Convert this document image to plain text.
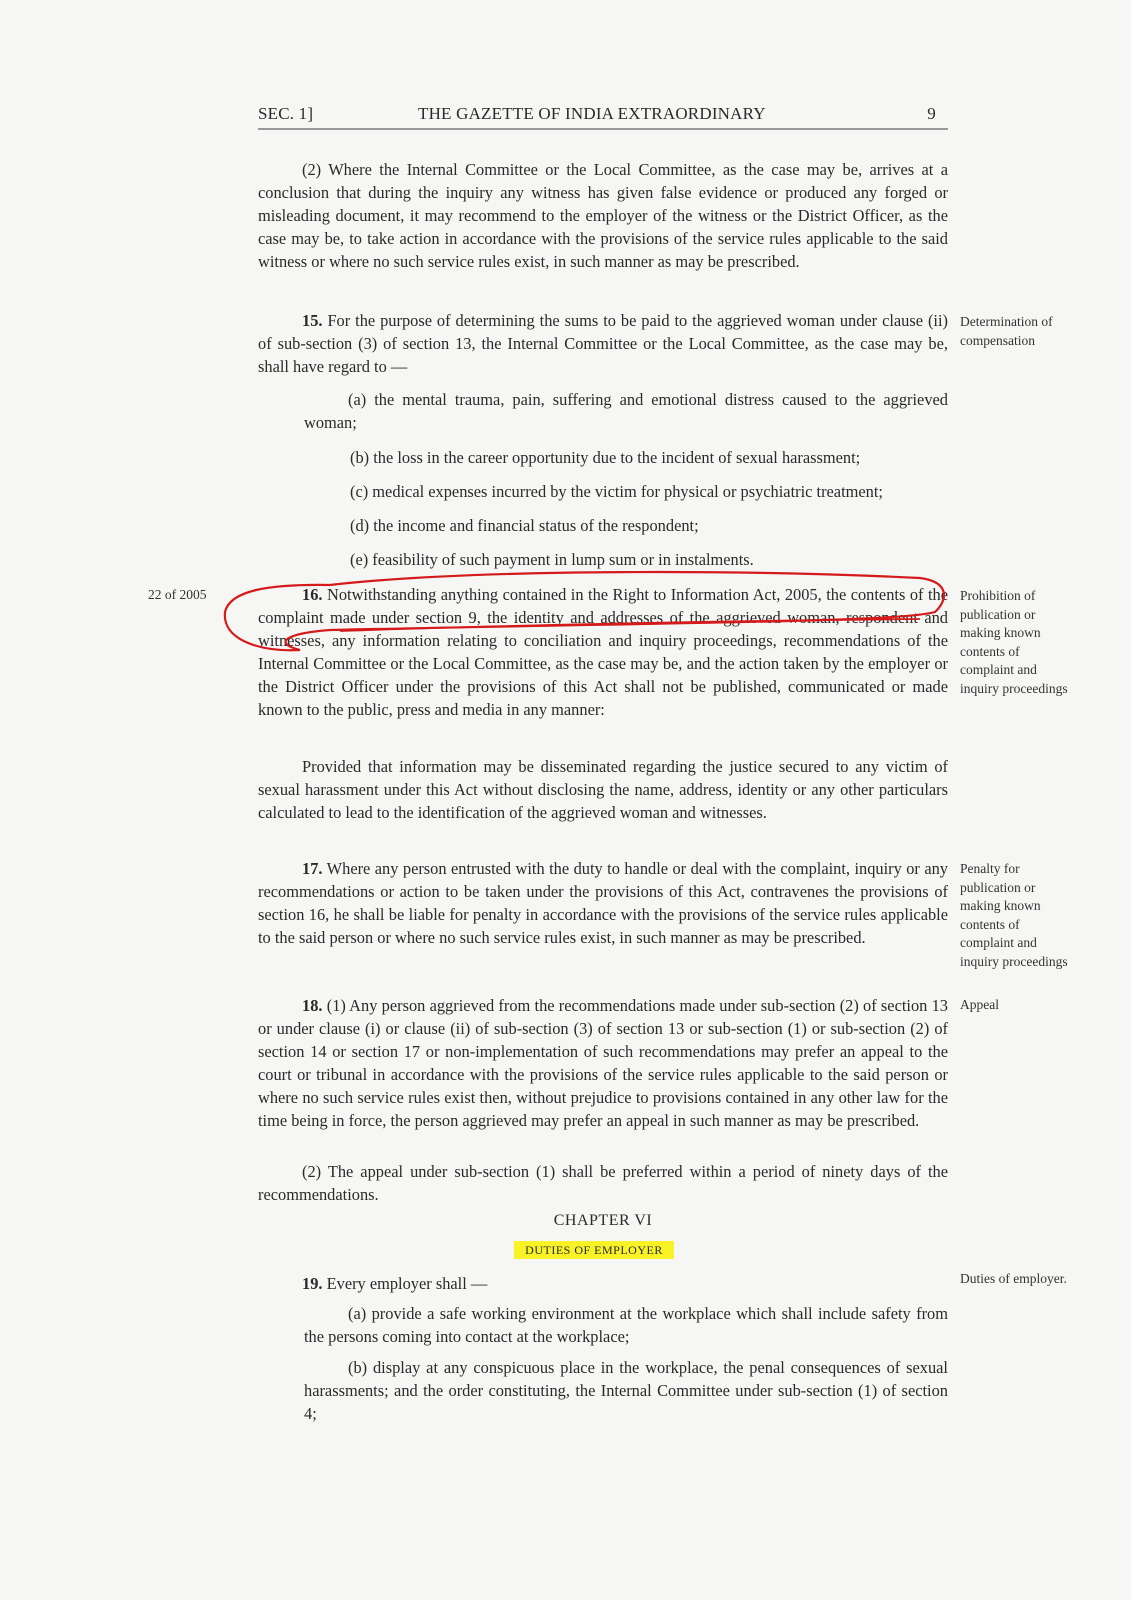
SEC. 1]	THE GAZETTE OF INDIA EXTRAORDINARY	9

(2) Where the Internal Committee or the Local Committee, as the case may be, arrives at a conclusion that during the inquiry any witness has given false evidence or produced any forged or misleading document, it may recommend to the employer of the witness or the District Officer, as the case may be, to take action in accordance with the provisions of the service rules applicable to the said witness or where no such service rules exist, in such manner as may be prescribed.

15. For the purpose of determining the sums to be paid to the aggrieved woman under clause (ii) of sub-section (3) of section 13, the Internal Committee or the Local Committee, as the case may be, shall have regard to —

Determination of compensation

(a) the mental trauma, pain, suffering and emotional distress caused to the aggrieved woman;

(b) the loss in the career opportunity due to the incident of sexual harassment;

(c) medical expenses incurred by the victim for physical or psychiatric treatment;

(d) the income and financial status of the respondent;

(e) feasibility of such payment in lump sum or in instalments.

22 of 2005	16. Notwithstanding anything contained in the Right to Information Act, 2005, the contents of the complaint made under section 9, the identity and addresses of the aggrieved woman, respondent and witnesses, any information relating to conciliation and inquiry proceedings, recommendations of the Internal Committee or the Local Committee, as the case may be, and the action taken by the employer or the District Officer under the provisions of this Act shall not be published, communicated or made known to the public, press and media in any manner:

Prohibition of publication or making known contents of complaint and inquiry proceedings

Provided that information may be disseminated regarding the justice secured to any victim of sexual harassment under this Act without disclosing the name, address, identity or any other particulars calculated to lead to the identification of the aggrieved woman and witnesses.

17. Where any person entrusted with the duty to handle or deal with the complaint, inquiry or any recommendations or action to be taken under the provisions of this Act, contravenes the provisions of section 16, he shall be liable for penalty in accordance with the provisions of the service rules applicable to the said person or where no such service rules exist, in such manner as may be prescribed.

Penalty for publication or making known contents of complaint and inquiry proceedings

18. (1) Any person aggrieved from the recommendations made under sub-section (2) of section 13 or under clause (i) or clause (ii) of sub-section (3) of section 13 or sub-section (1) or sub-section (2) of section 14 or section 17 or non-implementation of such recommendations may prefer an appeal to the court or tribunal in accordance with the provisions of the service rules applicable to the said person or where no such service rules exist then, without prejudice to provisions contained in any other law for the time being in force, the person aggrieved may prefer an appeal in such manner as may be prescribed.

Appeal

(2) The appeal under sub-section (1) shall be preferred within a period of ninety days of the recommendations.

CHAPTER VI
DUTIES OF EMPLOYER

19. Every employer shall —	Duties of employer.

(a) provide a safe working environment at the workplace which shall include safety from the persons coming into contact at the workplace;

(b) display at any conspicuous place in the workplace, the penal consequences of sexual harassments; and the order constituting, the Internal Committee under sub-section (1) of section 4;
